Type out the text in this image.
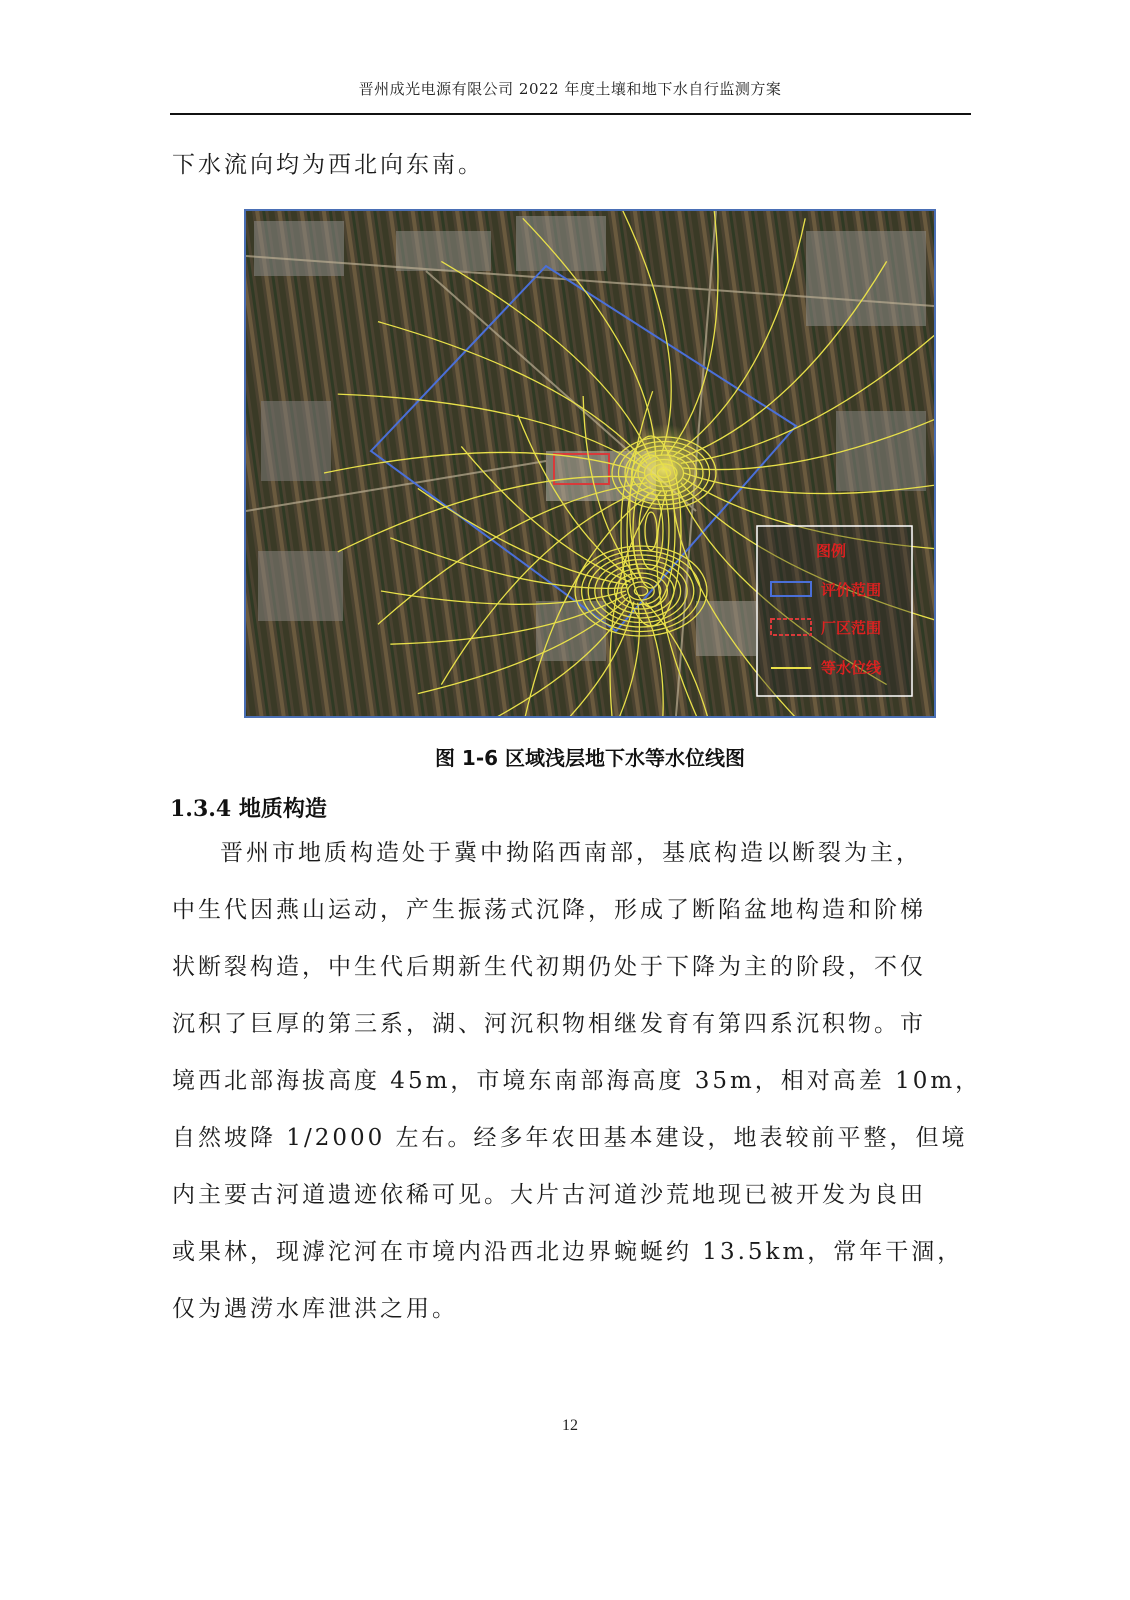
晋州成光电源有限公司 2022 年度土壤和地下水自行监测方案
下水流向均为西北向东南。
图例
评价范围
厂区范围
等水位线
图 1-6 区域浅层地下水等水位线图
1.3.4 地质构造
晋州市地质构造处于冀中拗陷西南部，基底构造以断裂为主，
中生代因燕山运动，产生振荡式沉降，形成了断陷盆地构造和阶梯
状断裂构造，中生代后期新生代初期仍处于下降为主的阶段，不仅
沉积了巨厚的第三系，湖、河沉积物相继发育有第四系沉积物。市
境西北部海拔高度 45m，市境东南部海高度 35m，相对高差 10m，
自然坡降 1/2000 左右。经多年农田基本建设，地表较前平整，但境
内主要古河道遗迹依稀可见。大片古河道沙荒地现已被开发为良田
或果林，现滹沱河在市境内沿西北边界蜿蜒约 13.5km，常年干涸，
仅为遇涝水库泄洪之用。
12
